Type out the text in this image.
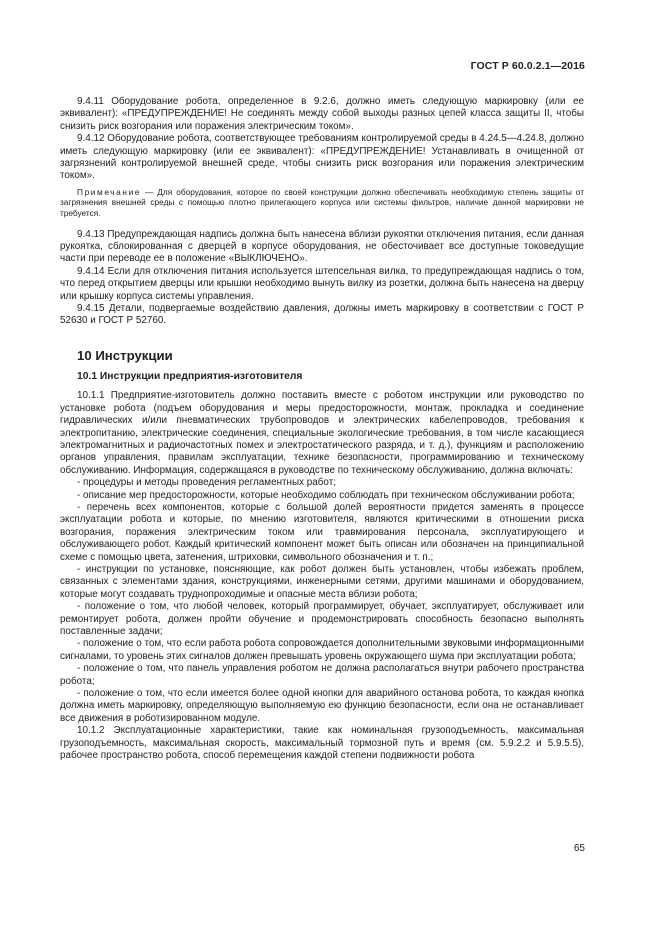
ГОСТ Р 60.0.2.1—2016

9.4.11 Оборудование робота, определенное в 9.2.6, должно иметь следующую маркировку (или ее эквивалент): «ПРЕДУПРЕЖДЕНИЕ! Не соединять между собой выходы разных цепей класса защиты II, чтобы снизить риск возгорания или поражения электрическим током».

9.4.12 Оборудование робота, соответствующее требованиям контролируемой среды в 4.24.5—4.24.8, должно иметь следующую маркировку (или ее эквивалент): «ПРЕДУПРЕЖДЕНИЕ! Устанавливать в очищенной от загрязнений контролируемой внешней среде, чтобы снизить риск возгорания или поражения электрическим током».

Примечание — Для оборудования, которое по своей конструкции должно обеспечивать необходимую степень защиты от загрязнения внешней среды с помощью плотно прилегающего корпуса или системы фильтров, наличие данной маркировки не требуется.

9.4.13 Предупреждающая надпись должна быть нанесена вблизи рукоятки отключения питания, если данная рукоятка, сблокированная с дверцей в корпусе оборудования, не обесточивает все доступные токоведущие части при переводе ее в положение «ВЫКЛЮЧЕНО».

9.4.14 Если для отключения питания используется штепсельная вилка, то предупреждающая надпись о том, что перед открытием дверцы или крышки необходимо вынуть вилку из розетки, должна быть нанесена на дверцу или крышку корпуса системы управления.

9.4.15 Детали, подвергаемые воздействию давления, должны иметь маркировку в соответствии с ГОСТ Р 52630 и ГОСТ Р 52760.

10 Инструкции
10.1 Инструкции предприятия-изготовителя

10.1.1 Предприятие-изготовитель должно поставить вместе с роботом инструкции или руководство по установке робота (подъем оборудования и меры предосторожности, монтаж, прокладка и соединение гидравлических и/или пневматических трубопроводов и электрических кабелепроводов, требования к электропитанию, электрические соединения, специальные экологические требования, в том числе касающиеся электромагнитных и радиочастотных помех и электростатического разряда, и т. д.), функциям и расположению органов управления, правилам эксплуатации, технике безопасности, программированию и техническому обслуживанию. Информация, содержащаяся в руководстве по техническому обслуживанию, должна включать:

- процедуры и методы проведения регламентных работ;

- описание мер предосторожности, которые необходимо соблюдать при техническом обслуживании робота;

- перечень всех компонентов, которые с большой долей вероятности придется заменять в процессе эксплуатации робота и которые, по мнению изготовителя, являются критическими в отношении риска возгорания, поражения электрическим током или травмирования персонала, эксплуатирующего и обслуживающего робот. Каждый критический компонент может быть описан или обозначен на принципиальной схеме с помощью цвета, затенения, штриховки, символьного обозначения и т. п.;

- инструкции по установке, поясняющие, как робот должен быть установлен, чтобы избежать проблем, связанных с элементами здания, конструкциями, инженерными сетями, другими машинами и оборудованием, которые могут создавать труднопроходимые и опасные места вблизи робота;

- положение о том, что любой человек, который программирует, обучает, эксплуатирует, обслуживает или ремонтирует робота, должен пройти обучение и продемонстрировать способность безопасно выполнять поставленные задачи;

- положение о том, что если работа робота сопровождается дополнительными звуковыми информационными сигналами, то уровень этих сигналов должен превышать уровень окружающего шума при эксплуатации робота;

- положение о том, что панель управления роботом не должна располагаться внутри рабочего пространства робота;

- положение о том, что если имеется более одной кнопки для аварийного останова робота, то каждая кнопка должна иметь маркировку, определяющую выполняемую ею функцию безопасности, если она не останавливает все движения в роботизированном модуле.

10.1.2 Эксплуатационные характеристики, такие как номинальная грузоподъемность, максимальная грузоподъемность, максимальная скорость, максимальный тормозной путь и время (см. 5.9.2.2 и 5.9.5.5), рабочее пространство робота, способ перемещения каждой степени подвижности робота

65
